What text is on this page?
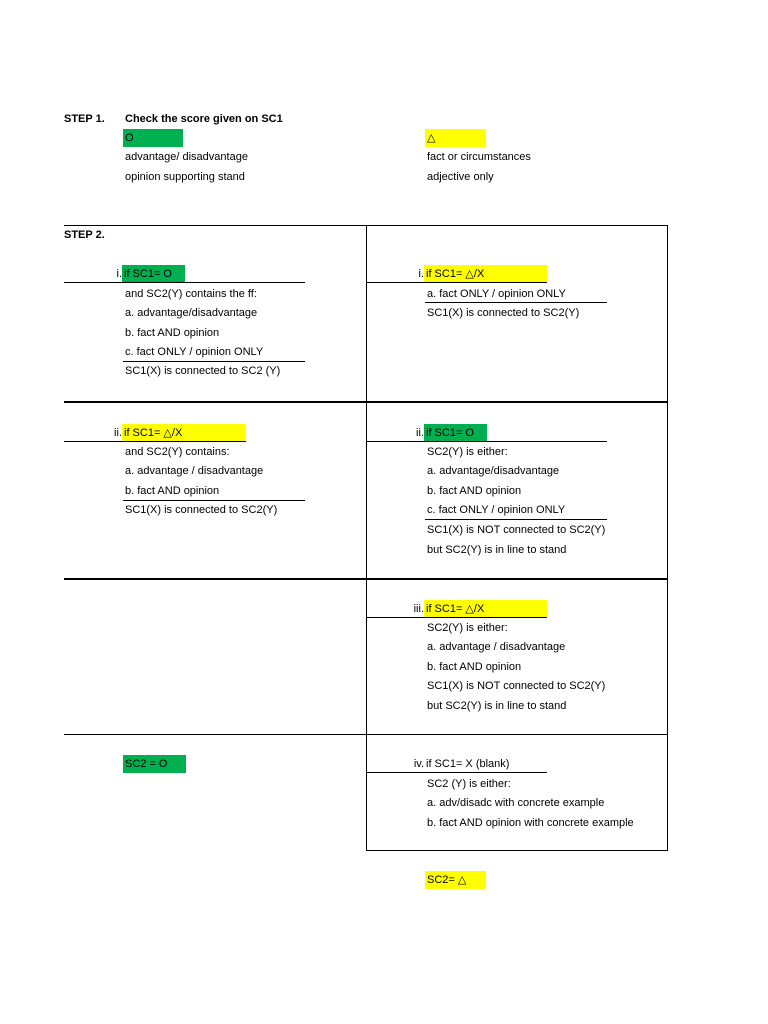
STEP 1. Check the score given on SC1
O
advantage/ disadvantage
opinion supporting stand
△
fact or circumstances
adjective only
STEP 2.
i. if SC1= O
and SC2(Y) contains the ff:
a. advantage/disadvantage
b. fact AND opinion
c. fact ONLY / opinion ONLY
SC1(X) is connected to SC2 (Y)
i. if SC1= △/X
a. fact ONLY / opinion ONLY
SC1(X) is connected to SC2(Y)
ii. if SC1= △/X
and SC2(Y) contains:
a. advantage / disadvantage
b. fact AND opinion
SC1(X) is connected to SC2(Y)
ii. if SC1= O
SC2(Y) is either:
a. advantage/disadvantage
b. fact AND opinion
c. fact ONLY / opinion ONLY
SC1(X) is NOT connected to SC2(Y)
but SC2(Y) is in line to stand
iii. if SC1= △/X
SC2(Y) is either:
a. advantage / disadvantage
b. fact AND opinion
SC1(X) is NOT connected to SC2(Y)
but SC2(Y) is in line to stand
SC2 = O	iv. if SC1= X (blank)
SC2 (Y) is either:
a. adv/disadc with concrete example
b. fact AND opinion with concrete example
SC2= △
